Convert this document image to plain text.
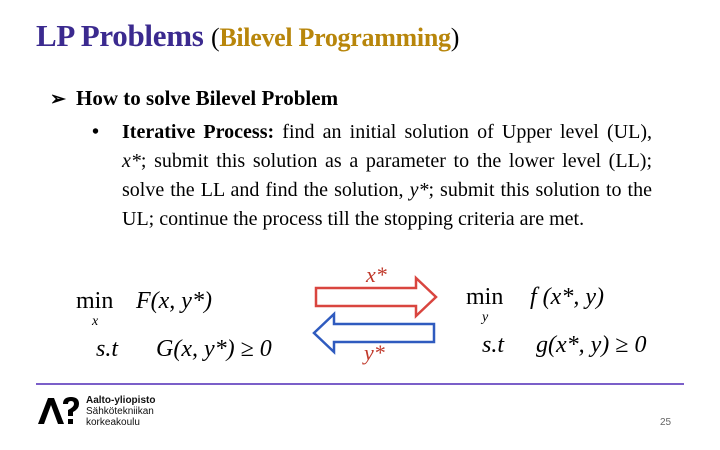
LP Problems (Bilevel Programming)
➢ How to solve Bilevel Problem
• Iterative Process: find an initial solution of Upper level (UL), x*; submit this solution as a parameter to the lower level (LL); solve the LL and find the solution, y*; submit this solution to the UL; continue the process till the stopping criteria are met.
min
x
F(x, y*)
s.t G(x, y*) ≥ 0
x*
y*
min
y
f (x*, y)
s.t g(x*, y) ≥ 0
Aalto-yliopisto
Sähkötekniikan
korkeakoulu	25
